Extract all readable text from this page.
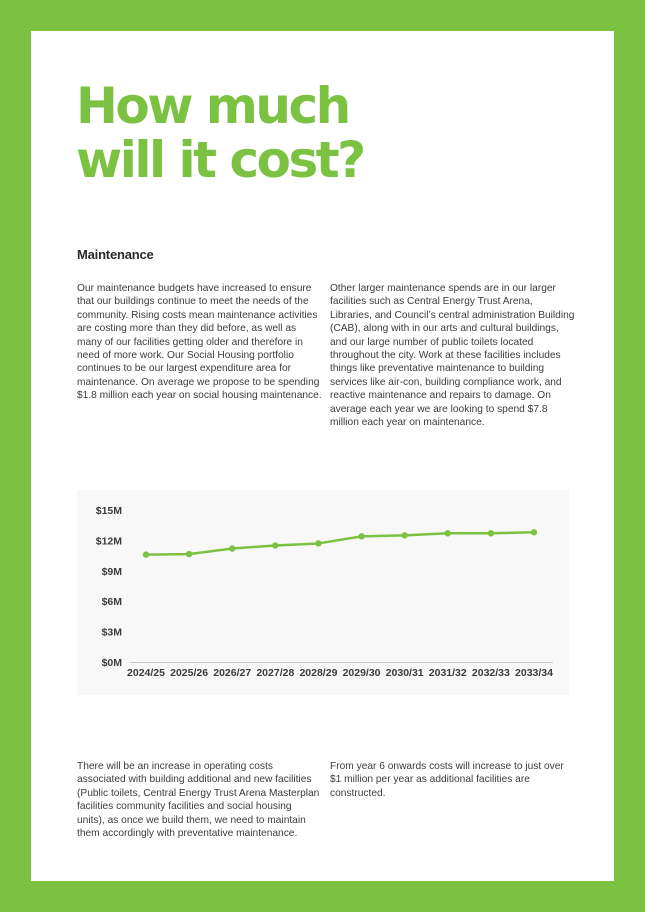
How much
will it cost?
Maintenance

Our maintenance budgets have increased to ensure that our buildings continue to meet the needs of the community. Rising costs mean maintenance activities are costing more than they did before, as well as many of our facilities getting older and therefore in need of more work. Our Social Housing portfolio continues to be our largest expenditure area for maintenance. On average we propose to be spending $1.8 million each year on social housing maintenance.

Other larger maintenance spends are in our larger facilities such as Central Energy Trust Arena, Libraries, and Council’s central administration Building (CAB), along with in our arts and cultural buildings, and our large number of public toilets located throughout the city. Work at these facilities includes things like preventative maintenance to building services like air-con, building compliance work, and reactive maintenance and repairs to damage. On average each year we are looking to spend $7.8 million each year on maintenance.

$0M
$3M
$6M
$9M
$12M
$15M
2024/25 2025/26 2026/27 2027/28 2028/29 2029/30 2030/31 2031/32 2032/33 2033/34

There will be an increase in operating costs associated with building additional and new facilities (Public toilets, Central Energy Trust Arena Masterplan facilities community facilities and social housing units), as once we build them, we need to maintain them accordingly with preventative maintenance.

From year 6 onwards costs will increase to just over $1 million per year as additional facilities are constructed.
